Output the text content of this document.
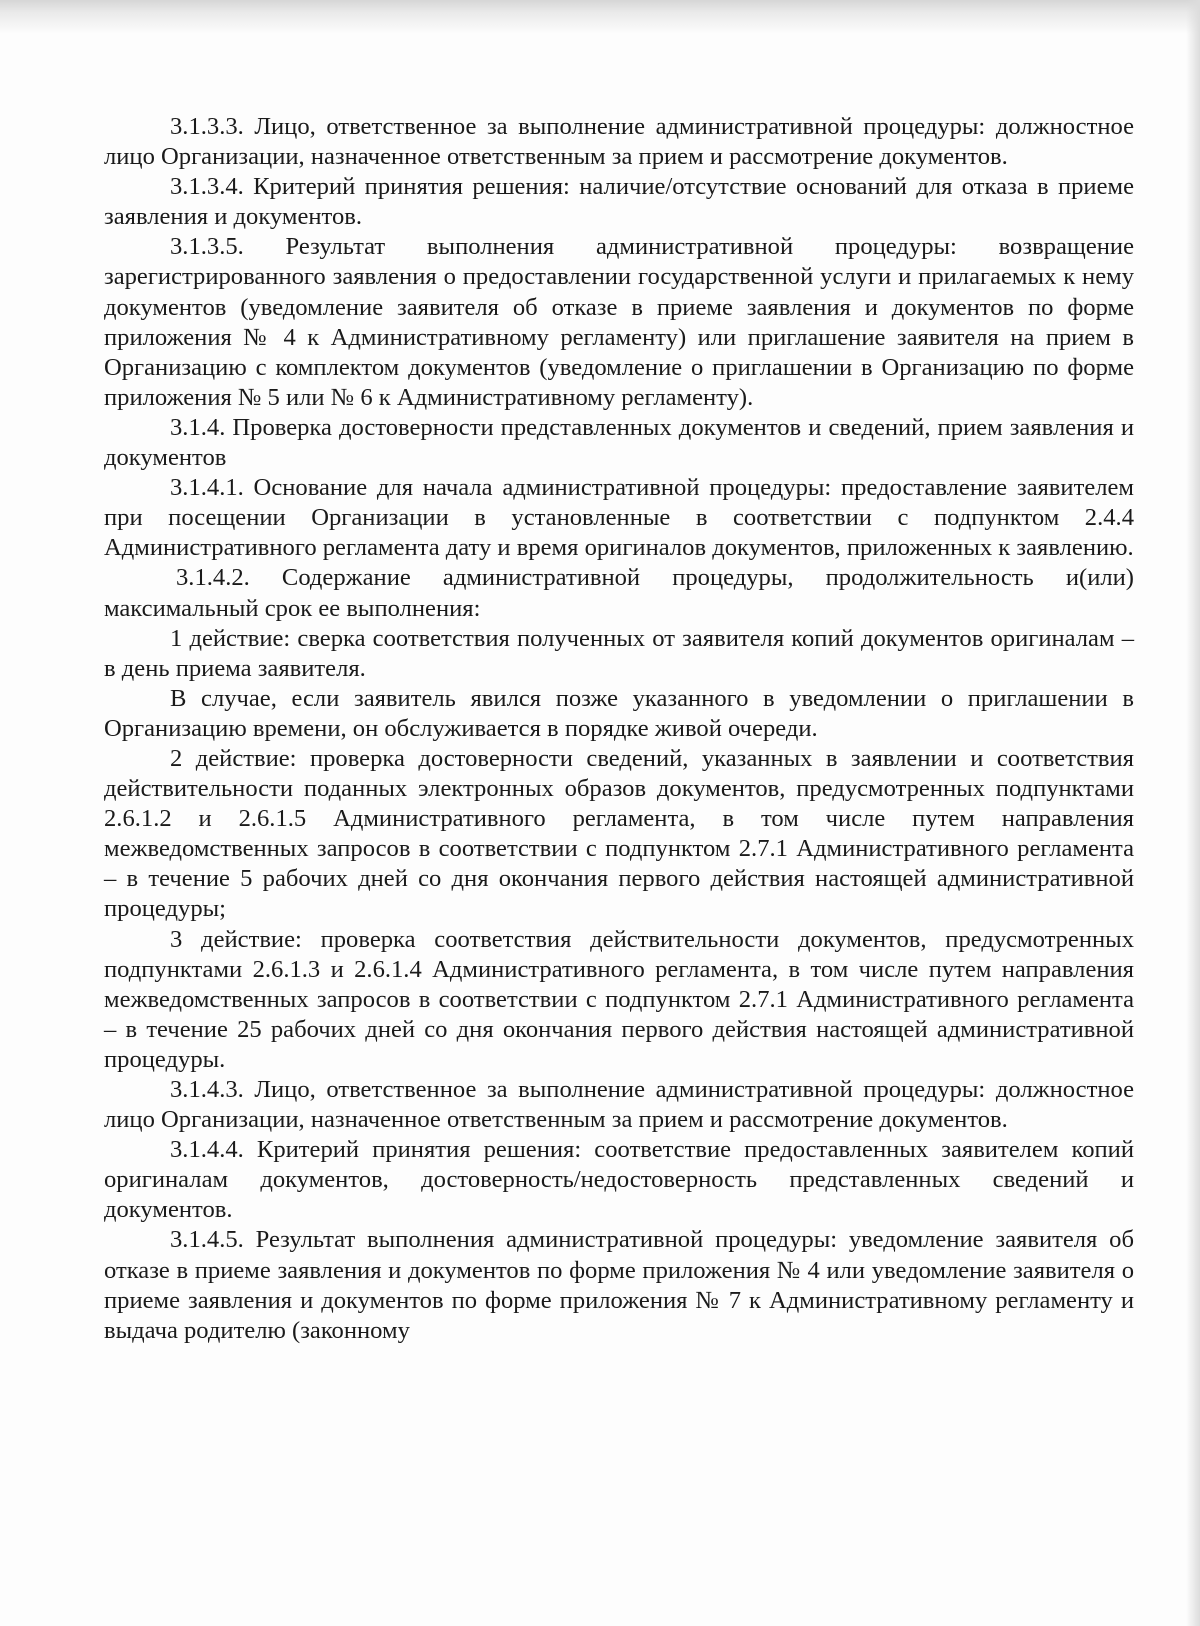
3.1.3.3. Лицо, ответственное за выполнение административной процедуры: должностное лицо Организации, назначенное ответственным за прием и рассмотрение документов.

3.1.3.4. Критерий принятия решения: наличие/отсутствие оснований для отказа в приеме заявления и документов.

3.1.3.5. Результат выполнения административной процедуры: возвращение зарегистрированного заявления о предоставлении государственной услуги и прилагаемых к нему документов (уведомление заявителя об отказе в приеме заявления и документов по форме приложения № 4 к Административному регламенту) или приглашение заявителя на прием в Организацию с комплектом документов (уведомление о приглашении в Организацию по форме приложения № 5 или № 6 к Административному регламенту).

3.1.4. Проверка достоверности представленных документов и сведений, прием заявления и документов

3.1.4.1. Основание для начала административной процедуры: предоставление заявителем при посещении Организации в установленные в соответствии с подпунктом 2.4.4 Административного регламента дату и время оригиналов документов, приложенных к заявлению.

3.1.4.2. Содержание административной процедуры, продолжительность и(или) максимальный срок ее выполнения:

1 действие: сверка соответствия полученных от заявителя копий документов оригиналам – в день приема заявителя.

В случае, если заявитель явился позже указанного в уведомлении о приглашении в Организацию времени, он обслуживается в порядке живой очереди.

2 действие: проверка достоверности сведений, указанных в заявлении и соответствия действительности поданных электронных образов документов, предусмотренных подпунктами 2.6.1.2 и 2.6.1.5 Административного регламента, в том числе путем направления межведомственных запросов в соответствии с подпунктом 2.7.1 Административного регламента – в течение 5 рабочих дней со дня окончания первого действия настоящей административной процедуры;

3 действие: проверка соответствия действительности документов, предусмотренных подпунктами 2.6.1.3 и 2.6.1.4 Административного регламента, в том числе путем направления межведомственных запросов в соответствии с подпунктом 2.7.1 Административного регламента – в течение 25 рабочих дней со дня окончания первого действия настоящей административной процедуры.

3.1.4.3. Лицо, ответственное за выполнение административной процедуры: должностное лицо Организации, назначенное ответственным за прием и рассмотрение документов.

3.1.4.4. Критерий принятия решения: соответствие предоставленных заявителем копий оригиналам документов, достоверность/недостоверность представленных сведений и документов.

3.1.4.5. Результат выполнения административной процедуры: уведомление заявителя об отказе в приеме заявления и документов по форме приложения № 4 или уведомление заявителя о приеме заявления и документов по форме приложения № 7 к Административному регламенту и выдача родителю (законному
